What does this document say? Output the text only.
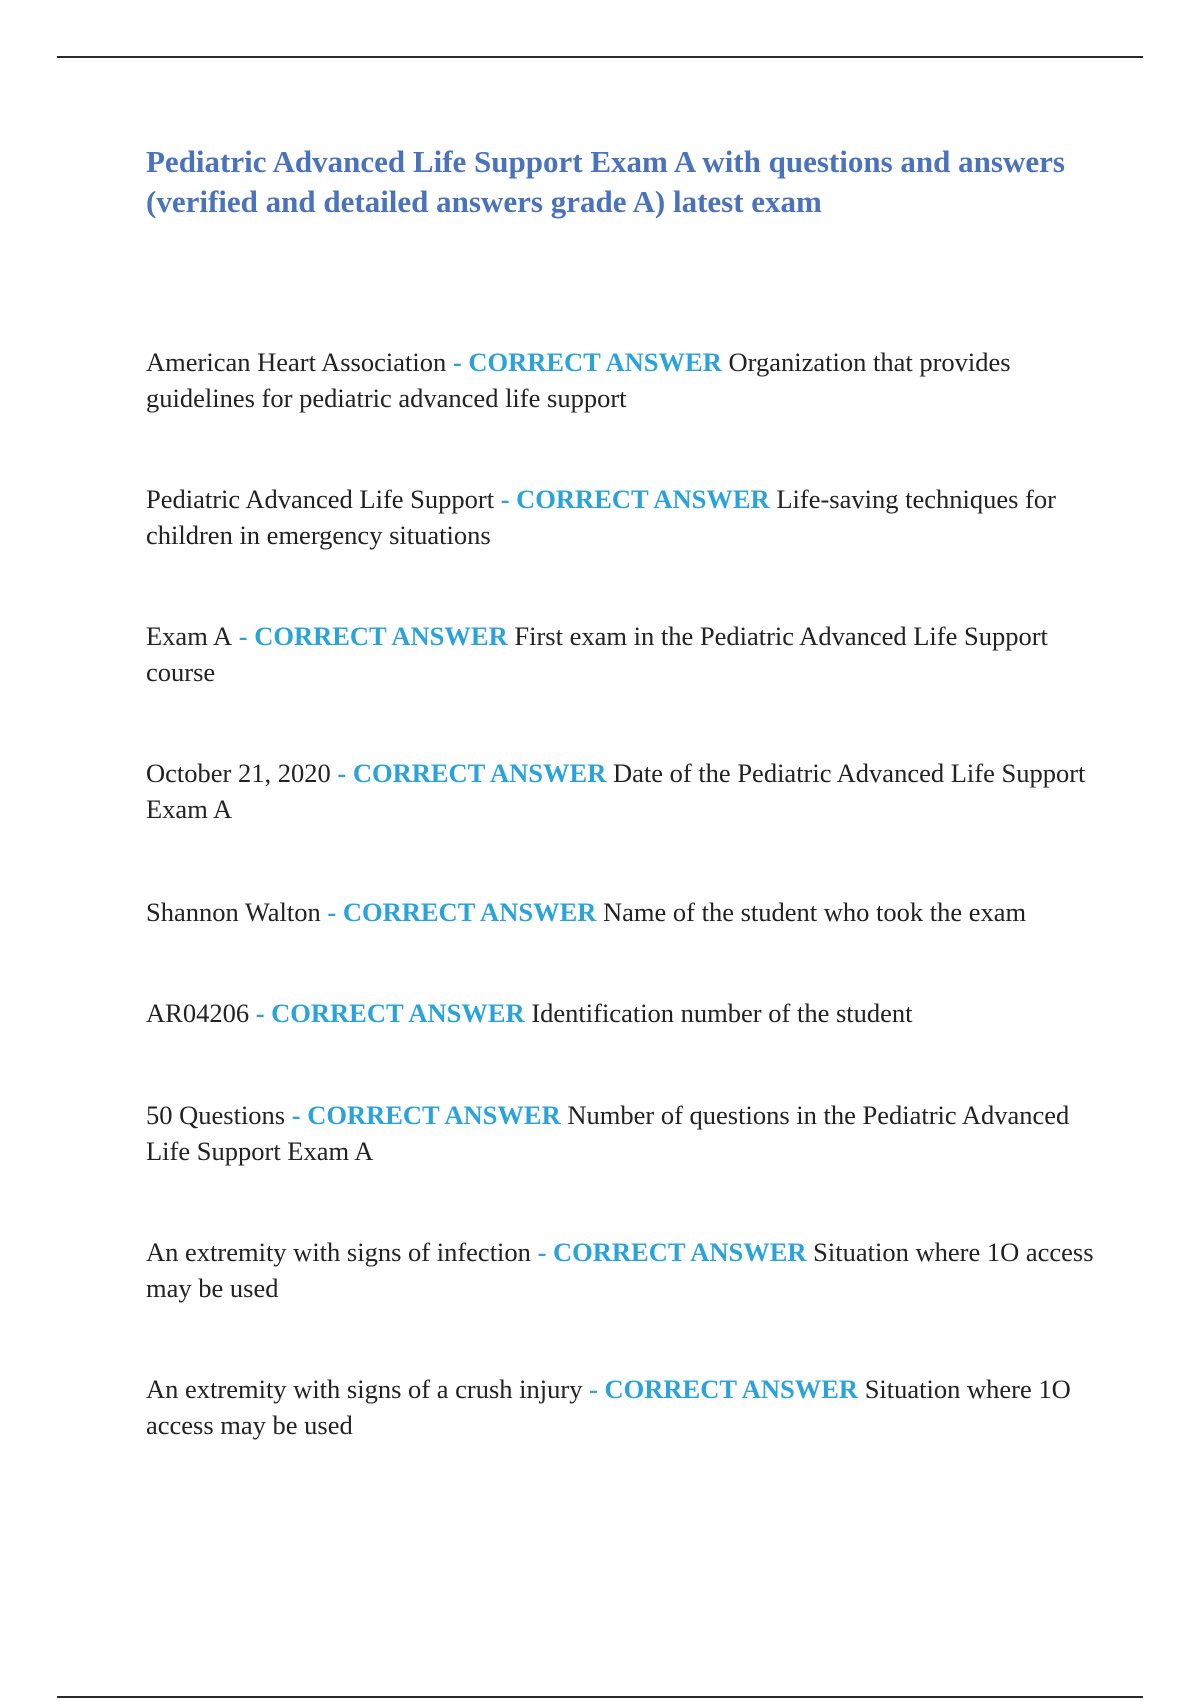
Pediatric Advanced Life Support Exam A with questions and answers (verified and detailed answers grade A) latest exam

American Heart Association - CORRECT ANSWER Organization that provides guidelines for pediatric advanced life support

Pediatric Advanced Life Support - CORRECT ANSWER Life-saving techniques for children in emergency situations

Exam A - CORRECT ANSWER First exam in the Pediatric Advanced Life Support course

October 21, 2020 - CORRECT ANSWER Date of the Pediatric Advanced Life Support Exam A

Shannon Walton - CORRECT ANSWER Name of the student who took the exam

AR04206 - CORRECT ANSWER Identification number of the student

50 Questions - CORRECT ANSWER Number of questions in the Pediatric Advanced Life Support Exam A

An extremity with signs of infection - CORRECT ANSWER Situation where 1O access may be used

An extremity with signs of a crush injury - CORRECT ANSWER Situation where 1O access may be used
